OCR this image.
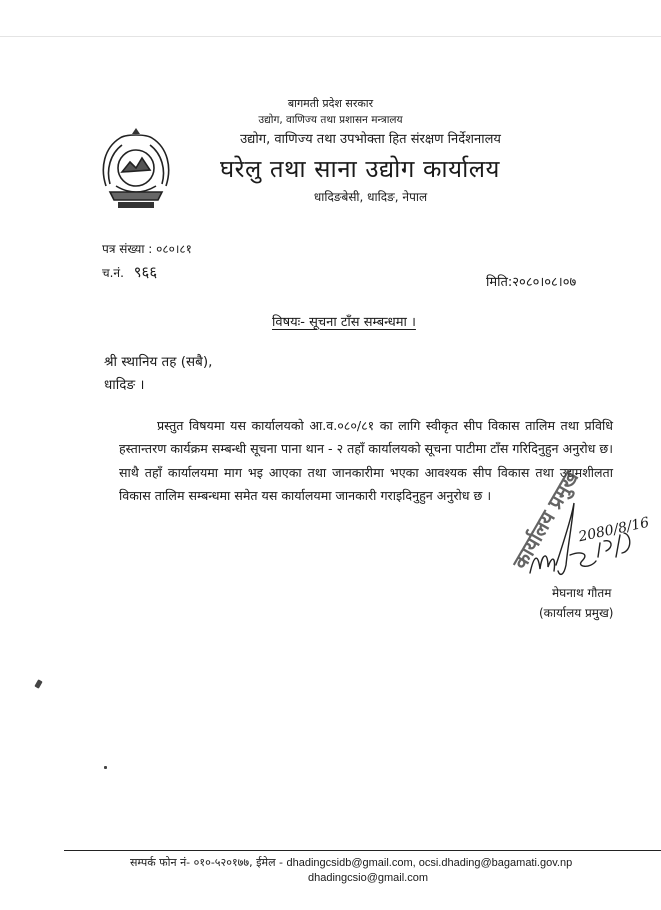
बागमती प्रदेश सरकार
उद्योग, वाणिज्य तथा प्रशासन मन्त्रालय
उद्योग, वाणिज्य तथा उपभोक्ता हित संरक्षण निर्देशनालय
घरेलु तथा साना उद्योग कार्यालय
धादिङबेसी, धादिङ, नेपाल
पत्र संख्या : ०८०।८१
च.नं. ९६६
मिति:२०८०।०८।०७
विषयः- सूचना टाँस सम्बन्धमा ।
श्री स्थानिय तह (सबै),
धादिङ ।
प्रस्तुत विषयमा यस कार्यालयको आ.व.०८०/८१ का लागि स्वीकृत सीप विकास तालिम तथा प्रविधि हस्तान्तरण कार्यक्रम सम्बन्धी सूचना पाना थान - २ तहाँ कार्यालयको सूचना पाटीमा टाँस गरिदिनुहुन अनुरोध छ। साथै तहाँ कार्यालयमा माग भइ आएका तथा जानकारीमा भएका आवश्यक सीप विकास तथा उद्यमशीलता विकास तालिम सम्बन्धमा समेत यस कार्यालयमा जानकारी गराइदिनुहुन अनुरोध छ ।
2080/8/16
कार्यालय प्रमुख
मेघनाथ गौतम
(कार्यालय प्रमुख)
सम्पर्क फोन नं- ०१०-५२०१७७, ईमेल - dhadingcsidb@gmail.com, ocsi.dhading@bagamati.gov.np
dhadingcsio@gmail.com
